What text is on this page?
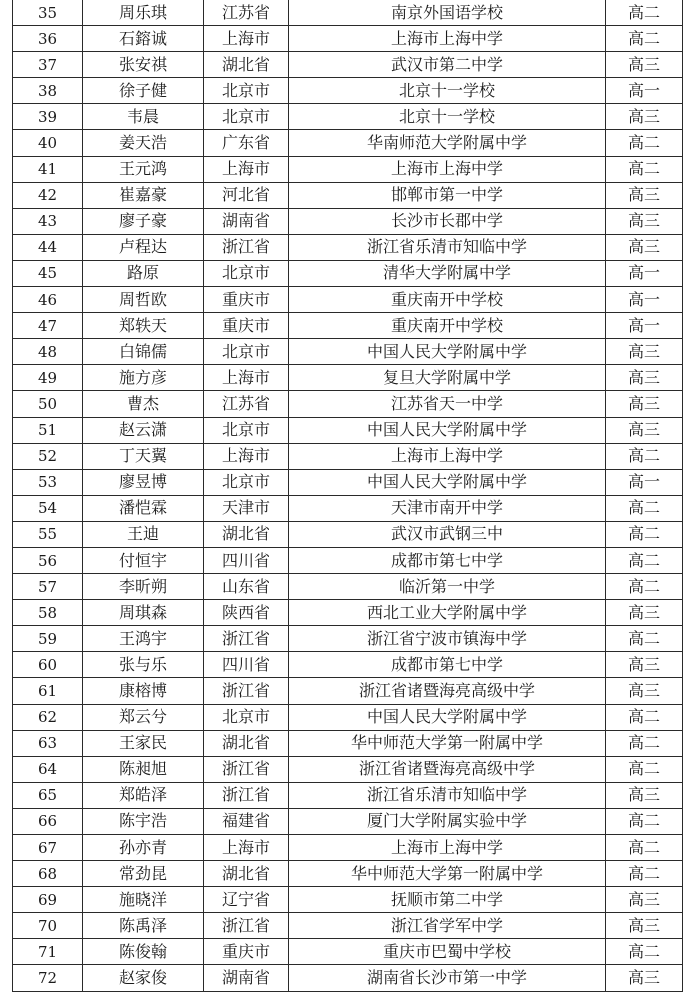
35	周乐琪	江苏省	南京外国语学校	高二
36	石鎔诚	上海市	上海市上海中学	高二
37	张安祺	湖北省	武汉市第二中学	高三
38	徐子健	北京市	北京十一学校	高一
39	韦晨	北京市	北京十一学校	高三
40	姜天浩	广东省	华南师范大学附属中学	高二
41	王元鸿	上海市	上海市上海中学	高二
42	崔嘉豪	河北省	邯郸市第一中学	高三
43	廖子豪	湖南省	长沙市长郡中学	高三
44	卢程达	浙江省	浙江省乐清市知临中学	高三
45	路原	北京市	清华大学附属中学	高一
46	周哲欧	重庆市	重庆南开中学校	高一
47	郑轶天	重庆市	重庆南开中学校	高一
48	白锦儒	北京市	中国人民大学附属中学	高三
49	施方彦	上海市	复旦大学附属中学	高三
50	曹杰	江苏省	江苏省天一中学	高三
51	赵云潇	北京市	中国人民大学附属中学	高三
52	丁天翼	上海市	上海市上海中学	高二
53	廖昱博	北京市	中国人民大学附属中学	高一
54	潘恺霖	天津市	天津市南开中学	高二
55	王迪	湖北省	武汉市武钢三中	高二
56	付恒宇	四川省	成都市第七中学	高二
57	李昕朔	山东省	临沂第一中学	高二
58	周琪森	陕西省	西北工业大学附属中学	高三
59	王鸿宇	浙江省	浙江省宁波市镇海中学	高二
60	张与乐	四川省	成都市第七中学	高三
61	康榕博	浙江省	浙江省诸暨海亮高级中学	高三
62	郑云兮	北京市	中国人民大学附属中学	高二
63	王家民	湖北省	华中师范大学第一附属中学	高二
64	陈昶旭	浙江省	浙江省诸暨海亮高级中学	高二
65	郑皓泽	浙江省	浙江省乐清市知临中学	高三
66	陈宇浩	福建省	厦门大学附属实验中学	高二
67	孙亦青	上海市	上海市上海中学	高二
68	常劲昆	湖北省	华中师范大学第一附属中学	高二
69	施晓洋	辽宁省	抚顺市第二中学	高三
70	陈禹泽	浙江省	浙江省学军中学	高三
71	陈俊翰	重庆市	重庆市巴蜀中学校	高二
72	赵家俊	湖南省	湖南省长沙市第一中学	高三
